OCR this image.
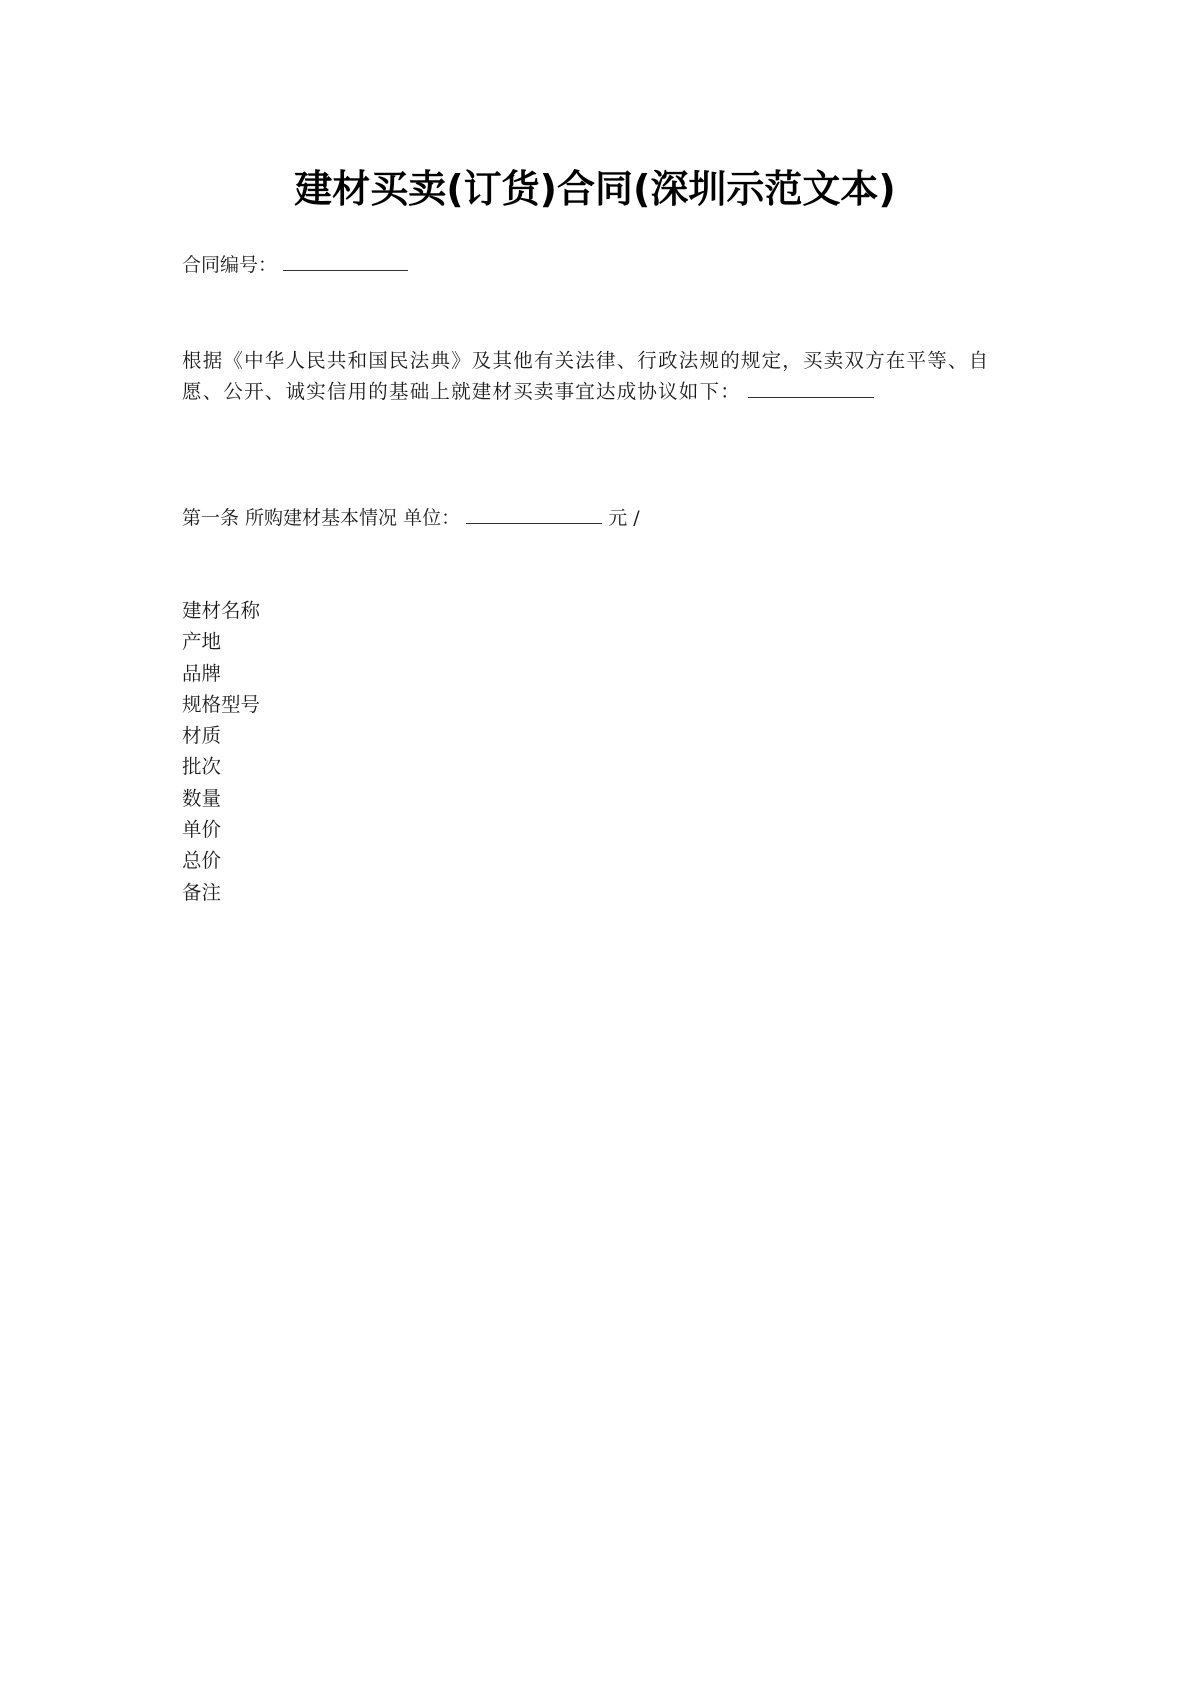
建材买卖(订货)合同(深圳示范文本)
合同编号：
根据《中华人民共和国民法典》及其他有关法律、行政法规的规定，买卖双方在平等、自
愿、公开、诚实信用的基础上就建材买卖事宜达成协议如下：
第一条 所购建材基本情况 单位：	元 /
建材名称
产地
品牌
规格型号
材质
批次
数量
单价
总价
备注
